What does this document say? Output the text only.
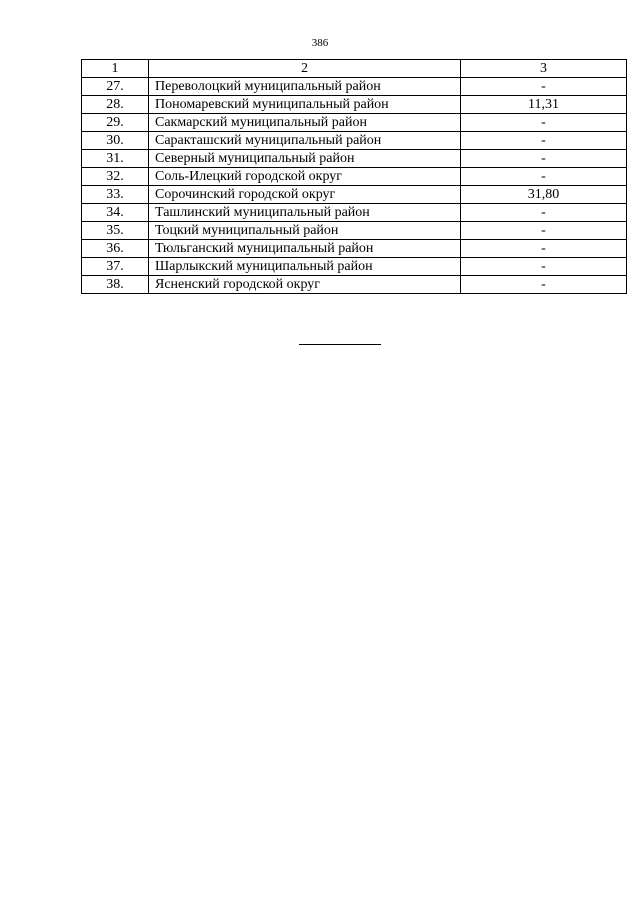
386
1	2	3
27.	Переволоцкий муниципальный район	-
28.	Пономаревский муниципальный район	11,31
29.	Сакмарский муниципальный район	-
30.	Саракташский муниципальный район	-
31.	Северный муниципальный район	-
32.	Соль-Илецкий городской округ	-
33.	Сорочинский городской округ	31,80
34.	Ташлинский муниципальный район	-
35.	Тоцкий муниципальный район	-
36.	Тюльганский муниципальный район	-
37.	Шарлыкский муниципальный район	-
38.	Ясненский городской округ	-
